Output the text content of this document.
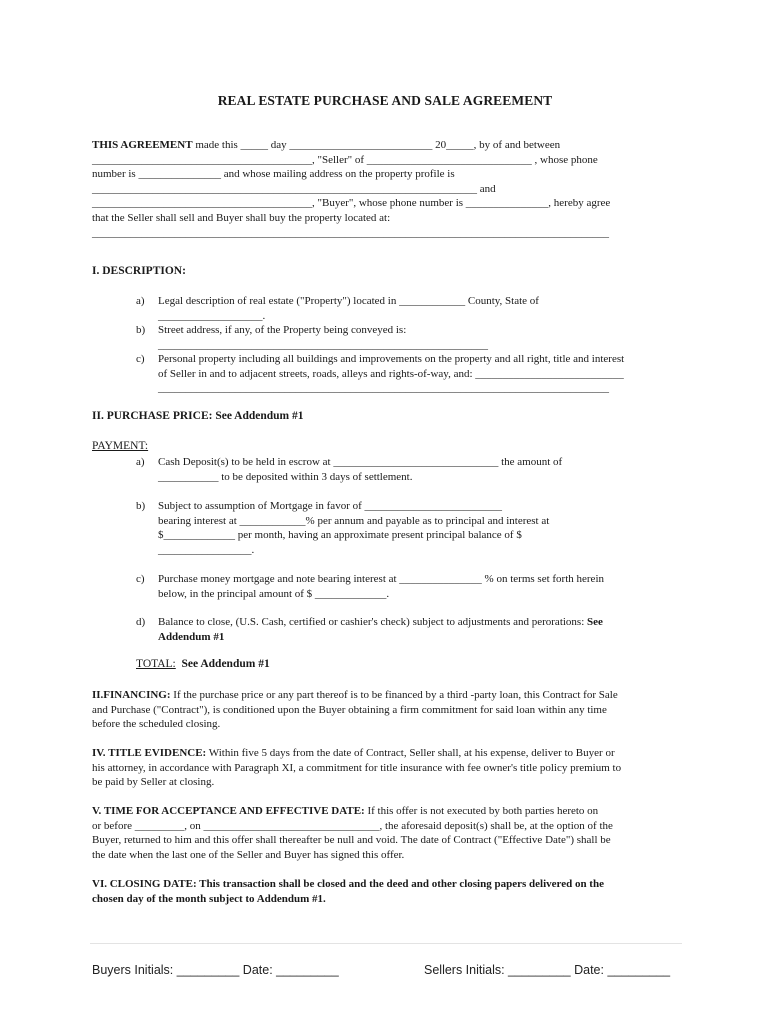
REAL ESTATE PURCHASE AND SALE AGREEMENT
THIS AGREEMENT made this _____ day __________________________ 20_____, by of and between
________________________________________, "Seller" of ______________________________ , whose phone
number is _______________ and whose mailing address on the property profile is
______________________________________________________________________ and
________________________________________, "Buyer", whose phone number is _______________, hereby agree
that the Seller shall sell and Buyer shall buy the property located at:
______________________________________________________________________________________________
I. DESCRIPTION:
a) Legal description of real estate ("Property") located in ____________ County, State of
___________________.
b) Street address, if any, of the Property being conveyed is:
____________________________________________________________
c) Personal property including all buildings and improvements on the property and all right, title and interest
of Seller in and to adjacent streets, roads, alleys and rights-of-way, and: ___________________________
__________________________________________________________________________________
II. PURCHASE PRICE: See Addendum #1
PAYMENT:
a) Cash Deposit(s) to be held in escrow at ______________________________ the amount of
___________ to be deposited within 3 days of settlement.
b) Subject to assumption of Mortgage in favor of _________________________
bearing interest at ____________% per annum and payable as to principal and interest at
$_____________ per month, having an approximate present principal balance of $
_________________.
c) Purchase money mortgage and note bearing interest at _______________ % on terms set forth herein
below, in the principal amount of $ _____________.
d) Balance to close, (U.S. Cash, certified or cashier's check) subject to adjustments and perorations: See
Addendum #1
TOTAL: See Addendum #1
II.FINANCING: If the purchase price or any part thereof is to be financed by a third -party loan, this Contract for Sale
and Purchase ("Contract"), is conditioned upon the Buyer obtaining a firm commitment for said loan within any time
before the scheduled closing.
IV. TITLE EVIDENCE: Within five 5 days from the date of Contract, Seller shall, at his expense, deliver to Buyer or
his attorney, in accordance with Paragraph XI, a commitment for title insurance with fee owner's title policy premium to
be paid by Seller at closing.
V. TIME FOR ACCEPTANCE AND EFFECTIVE DATE: If this offer is not executed by both parties hereto on
or before _________, on ________________________________, the aforesaid deposit(s) shall be, at the option of the
Buyer, returned to him and this offer shall thereafter be null and void. The date of Contract ("Effective Date") shall be
the date when the last one of the Seller and Buyer has signed this offer.
VI. CLOSING DATE: This transaction shall be closed and the deed and other closing papers delivered on the
chosen day of the month subject to Addendum #1.
Buyers Initials: _________ Date: _________	Sellers Initials: _________ Date: _________
